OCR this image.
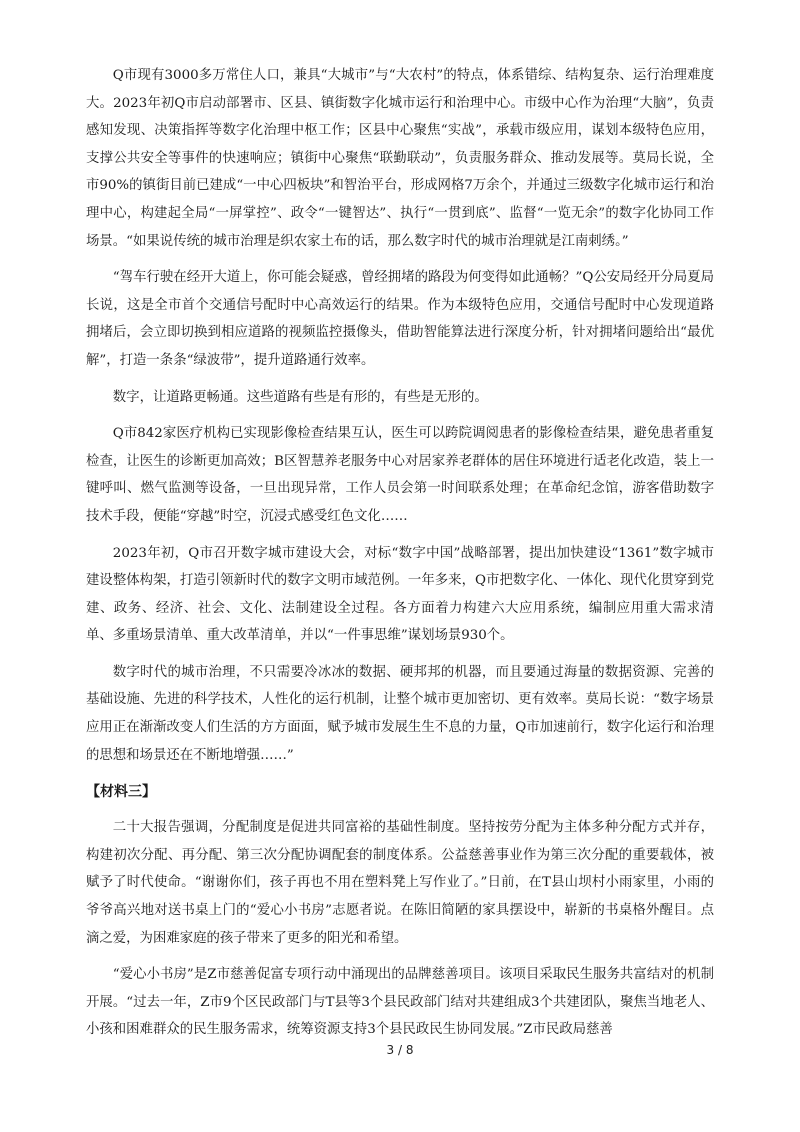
Q市现有3000多万常住人口，兼具“大城市”与“大农村”的特点，体系错综、结构复杂、运行治理难度大。2023年初Q市启动部署市、区县、镇街数字化城市运行和治理中心。市级中心作为治理“大脑”，负责感知发现、决策指挥等数字化治理中枢工作；区县中心聚焦“实战”，承载市级应用，谋划本级特色应用，支撑公共安全等事件的快速响应；镇街中心聚焦“联勤联动”，负责服务群众、推动发展等。莫局长说，全市90%的镇街目前已建成“一中心四板块”和智治平台，形成网格7万余个，并通过三级数字化城市运行和治理中心，构建起全局“一屏掌控”、政令“一键智达”、执行“一贯到底”、监督“一览无余”的数字化协同工作场景。“如果说传统的城市治理是织农家土布的话，那么数字时代的城市治理就是江南刺绣。”

“驾车行驶在经开大道上，你可能会疑惑，曾经拥堵的路段为何变得如此通畅？”Q公安局经开分局夏局长说，这是全市首个交通信号配时中心高效运行的结果。作为本级特色应用，交通信号配时中心发现道路拥堵后，会立即切换到相应道路的视频监控摄像头，借助智能算法进行深度分析，针对拥堵问题给出“最优解”，打造一条条“绿波带”，提升道路通行效率。

数字，让道路更畅通。这些道路有些是有形的，有些是无形的。

Q市842家医疗机构已实现影像检查结果互认，医生可以跨院调阅患者的影像检查结果，避免患者重复检查，让医生的诊断更加高效；B区智慧养老服务中心对居家养老群体的居住环境进行适老化改造，装上一键呼叫、燃气监测等设备，一旦出现异常，工作人员会第一时间联系处理；在革命纪念馆，游客借助数字技术手段，便能“穿越”时空，沉浸式感受红色文化……

2023年初，Q市召开数字城市建设大会，对标“数字中国”战略部署，提出加快建设“1361”数字城市建设整体构架，打造引领新时代的数字文明市域范例。一年多来，Q市把数字化、一体化、现代化贯穿到党建、政务、经济、社会、文化、法制建设全过程。各方面着力构建六大应用系统，编制应用重大需求清单、多重场景清单、重大改革清单，并以“一件事思维”谋划场景930个。

数字时代的城市治理，不只需要冷冰冰的数据、硬邦邦的机器，而且要通过海量的数据资源、完善的基础设施、先进的科学技术，人性化的运行机制，让整个城市更加密切、更有效率。莫局长说：“数字场景应用正在渐渐改变人们生活的方方面面，赋予城市发展生生不息的力量，Q市加速前行，数字化运行和治理的思想和场景还在不断地增强……”

【材料三】

二十大报告强调，分配制度是促进共同富裕的基础性制度。坚持按劳分配为主体多种分配方式并存，构建初次分配、再分配、第三次分配协调配套的制度体系。公益慈善事业作为第三次分配的重要载体，被赋予了时代使命。“谢谢你们，孩子再也不用在塑料凳上写作业了。”日前，在T县山坝村小雨家里，小雨的爷爷高兴地对送书桌上门的“爱心小书房”志愿者说。在陈旧简陋的家具摆设中，崭新的书桌格外醒目。点滴之爱，为困难家庭的孩子带来了更多的阳光和希望。

“爱心小书房”是Z市慈善促富专项行动中涌现出的品牌慈善项目。该项目采取民生服务共富结对的机制开展。“过去一年，Z市9个区民政部门与T县等3个县民政部门结对共建组成3个共建团队，聚焦当地老人、小孩和困难群众的民生服务需求，统筹资源支持3个县民政民生协同发展。”Z市民政局慈善

3 / 8
